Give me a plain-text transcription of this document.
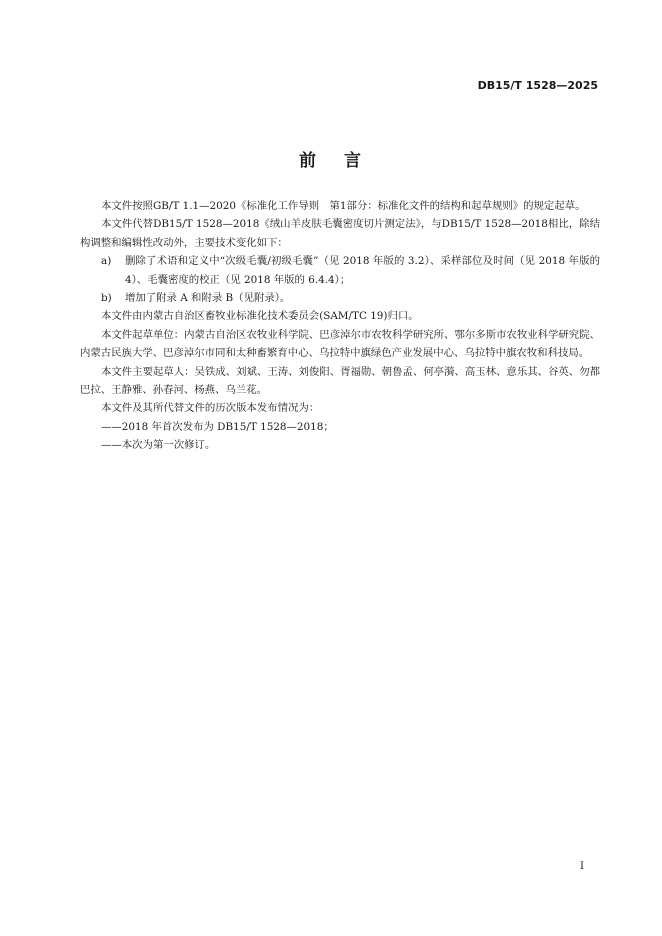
DB15/T 1528—2025
前 言

本文件按照GB/T 1.1—2020《标准化工作导则　第1部分：标准化文件的结构和起草规则》的规定起草。

本文件代替DB15/T 1528—2018《绒山羊皮肤毛囊密度切片测定法》，与DB15/T 1528—2018相比，除结构调整和编辑性改动外，主要技术变化如下：

a)	删除了术语和定义中“次级毛囊/初级毛囊”（见 2018 年版的 3.2）、采样部位及时间（见 2018 年版的 4）、毛囊密度的校正（见 2018 年版的 6.4.4）；
b)	增加了附录 A 和附录 B（见附录）。

本文件由内蒙古自治区畜牧业标准化技术委员会(SAM/TC 19)归口。

本文件起草单位：内蒙古自治区农牧业科学院、巴彦淖尔市农牧科学研究所、鄂尔多斯市农牧业科学研究院、内蒙古民族大学、巴彦淖尔市同和太种畜繁育中心、乌拉特中旗绿色产业发展中心、乌拉特中旗农牧和科技局。

本文件主要起草人：吴铁成、刘斌、王涛、刘俊阳、胥福勋、朝鲁孟、何亭漪、高玉林、意乐其、谷英、勿都巴拉、王静雅、孙春河、杨燕、乌兰花。

本文件及其所代替文件的历次版本发布情况为：

——2018 年首次发布为 DB15/T 1528—2018；

——本次为第一次修订。

I
